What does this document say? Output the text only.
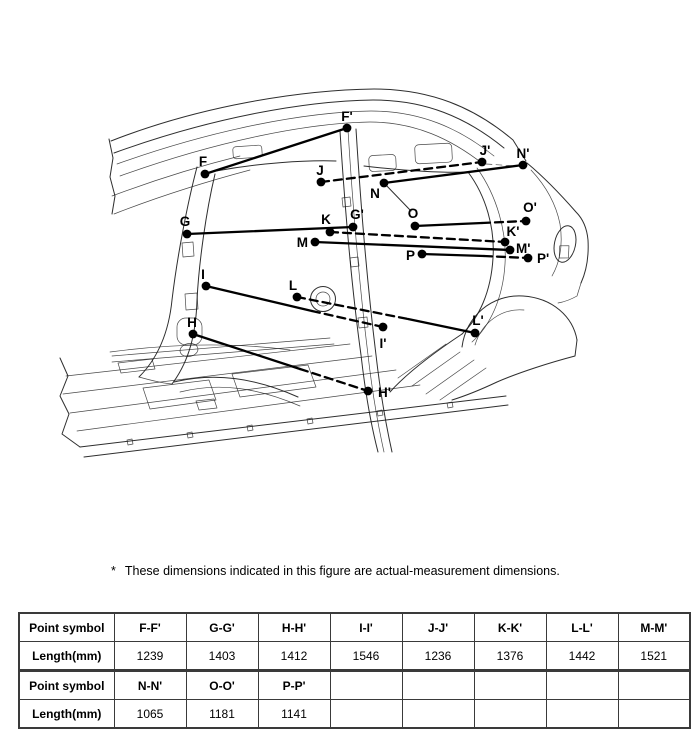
F
F'
G	G'
H
H'
I
I'
J
J'
K
K'
L
L'
M	M'
N
N'
O	O'
P	P'
* These dimensions indicated in this figure are actual-measurement dimensions.
Point symbol	F-F'	G-G'	H-H'	I-I'	J-J'	K-K'	L-L'	M-M'
Length(mm)	1239	1403	1412	1546	1236	1376	1442	1521
Point symbol	N-N'	O-O'	P-P'					
Length(mm)	1065	1181	1141					
